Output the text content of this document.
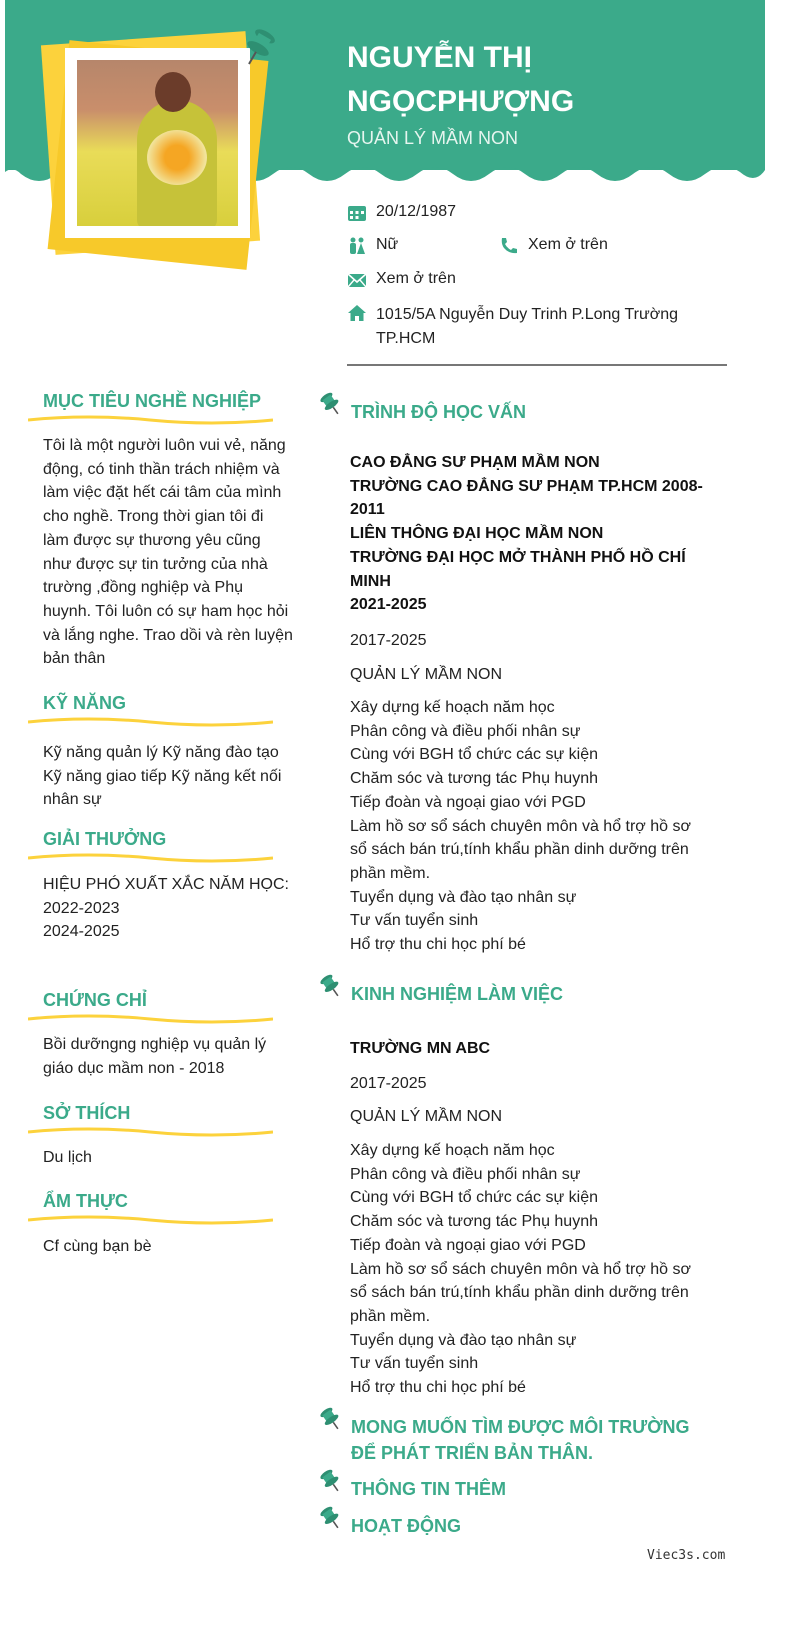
NGUYỄN THỊ NGỌCPHƯỢNG
QUẢN LÝ MẦM NON
20/12/1987
Nữ	Xem ở trên
Xem ở trên
1015/5A Nguyễn Duy Trinh P.Long Trường TP.HCM
MỤC TIÊU NGHỀ NGHIỆP
Tôi là một người luôn vui vẻ, năng động, có tinh thần trách nhiệm và làm việc đặt hết cái tâm của mình cho nghề. Trong thời gian tôi đi làm được sự thương yêu cũng như được sự tin tưởng của nhà trường ,đồng nghiệp và Phụ huynh. Tôi luôn có sự ham học hỏi và lắng nghe. Trao dồi và rèn luyện bản thân
KỸ NĂNG
Kỹ năng quản lý Kỹ năng đào tạo Kỹ năng giao tiếp Kỹ năng kết nối nhân sự
GIẢI THƯỞNG
HIỆU PHÓ XUẤT XẮC NĂM HỌC:
2022-2023
2024-2025
CHỨNG CHỈ
Bồi dưỡngng nghiệp vụ quản lý giáo dục mầm non - 2018
SỞ THÍCH
Du lịch
ẨM THỰC
Cf cùng bạn bè
TRÌNH ĐỘ HỌC VẤN
CAO ĐẲNG SƯ PHẠM MẦM NON
TRƯỜNG CAO ĐẲNG SƯ PHẠM TP.HCM 2008-
2011
LIÊN THÔNG ĐẠI HỌC MẦM NON
TRƯỜNG ĐẠI HỌC MỞ THÀNH PHỐ HỒ CHÍ
MINH
2021-2025
2017-2025
QUẢN LÝ MẦM NON
Xây dựng kế hoạch năm học
Phân công và điều phối nhân sự
Cùng với BGH tổ chức các sự kiện
Chăm sóc và tương tác Phụ huynh
Tiếp đoàn và ngoại giao với PGD
Làm hồ sơ sổ sách chuyên môn và hổ trợ hồ sơ
sổ sách bán trú,tính khẩu phần dinh dưỡng trên
phần mềm.
Tuyển dụng và đào tạo nhân sự
Tư vấn tuyển sinh
Hổ trợ thu chi học phí bé
KINH NGHIỆM LÀM VIỆC
TRƯỜNG MN ABC
2017-2025
QUẢN LÝ MẦM NON
Xây dựng kế hoạch năm học
Phân công và điều phối nhân sự
Cùng với BGH tổ chức các sự kiện
Chăm sóc và tương tác Phụ huynh
Tiếp đoàn và ngoại giao với PGD
Làm hồ sơ sổ sách chuyên môn và hổ trợ hồ sơ
sổ sách bán trú,tính khẩu phần dinh dưỡng trên
phần mềm.
Tuyển dụng và đào tạo nhân sự
Tư vấn tuyển sinh
Hổ trợ thu chi học phí bé
MONG MUỐN TÌM ĐƯỢC MÔI TRƯỜNG ĐỂ PHÁT TRIỂN BẢN THÂN.
THÔNG TIN THÊM
HOẠT ĐỘNG
Viec3s.com
